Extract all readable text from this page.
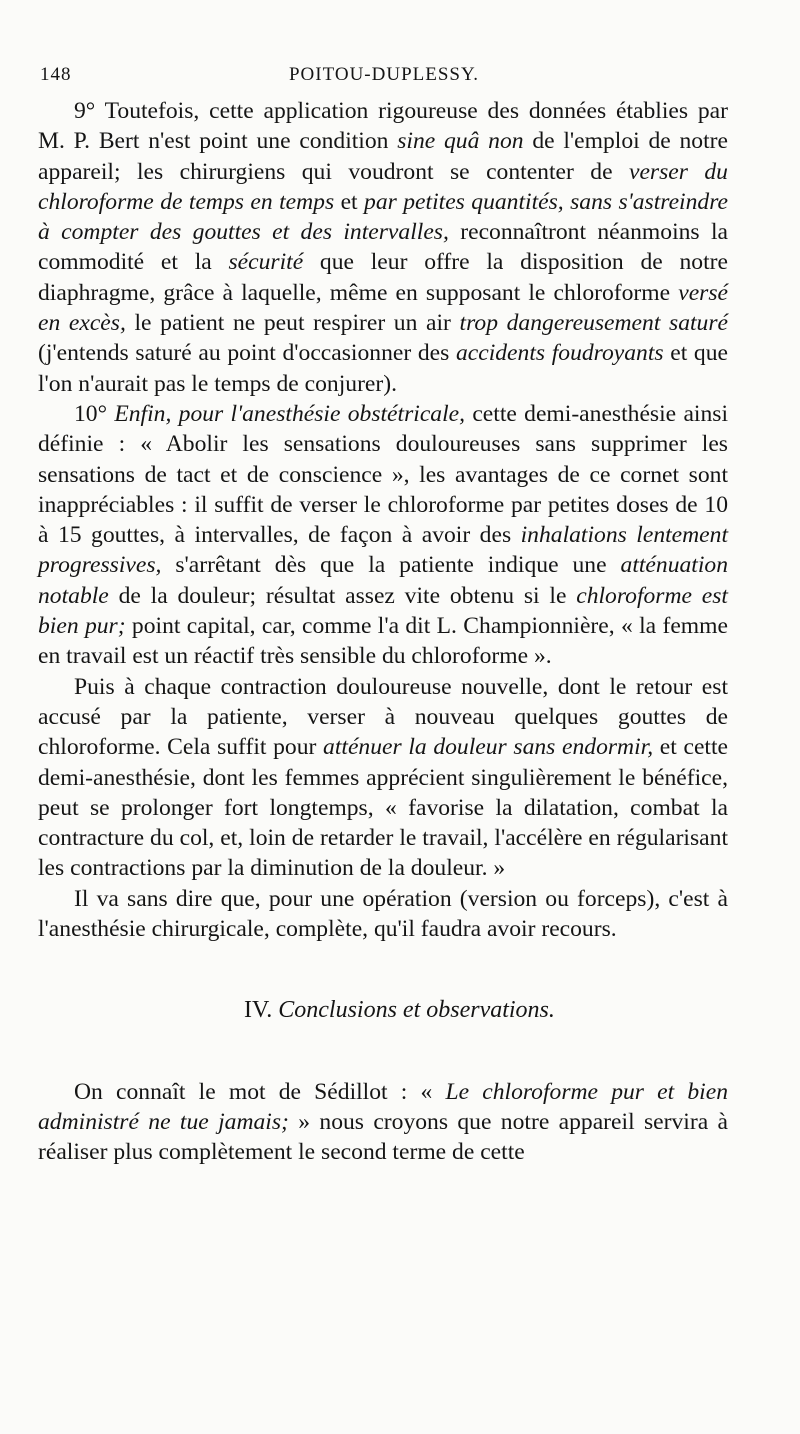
148	POITOU-DUPLESSY.

9° Toutefois, cette application rigoureuse des données établies par M. P. Bert n'est point une condition sine quâ non de l'emploi de notre appareil; les chirurgiens qui voudront se contenter de verser du chloroforme de temps en temps et par petites quantités, sans s'astreindre à compter des gouttes et des intervalles, reconnaîtront néanmoins la commodité et la sécurité que leur offre la disposition de notre diaphragme, grâce à laquelle, même en supposant le chloroforme versé en excès, le patient ne peut respirer un air trop dangereusement saturé (j'entends saturé au point d'occasionner des accidents foudroyants et que l'on n'aurait pas le temps de conjurer).

10° Enfin, pour l'anesthésie obstétricale, cette demi-anesthésie ainsi définie : « Abolir les sensations douloureuses sans supprimer les sensations de tact et de conscience », les avantages de ce cornet sont inappréciables : il suffit de verser le chloroforme par petites doses de 10 à 15 gouttes, à intervalles, de façon à avoir des inhalations lentement progressives, s'arrêtant dès que la patiente indique une atténuation notable de la douleur; résultat assez vite obtenu si le chloroforme est bien pur; point capital, car, comme l'a dit L. Championnière, « la femme en travail est un réactif très sensible du chloroforme ».

Puis à chaque contraction douloureuse nouvelle, dont le retour est accusé par la patiente, verser à nouveau quelques gouttes de chloroforme. Cela suffit pour atténuer la douleur sans endormir, et cette demi-anesthésie, dont les femmes apprécient singulièrement le bénéfice, peut se prolonger fort longtemps, « favorise la dilatation, combat la contracture du col, et, loin de retarder le travail, l'accélère en régularisant les contractions par la diminution de la douleur. »

Il va sans dire que, pour une opération (version ou forceps), c'est à l'anesthésie chirurgicale, complète, qu'il faudra avoir recours.

IV. Conclusions et observations.

On connaît le mot de Sédillot : « Le chloroforme pur et bien administré ne tue jamais; » nous croyons que notre appareil servira à réaliser plus complètement le second terme de cette
